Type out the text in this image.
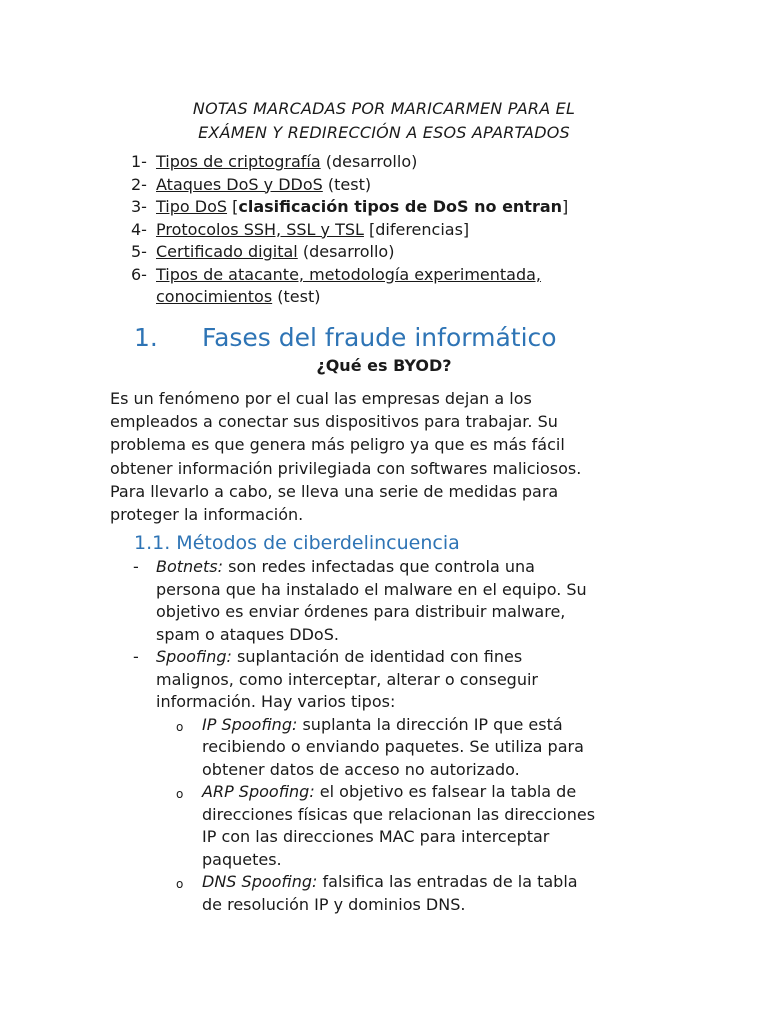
NOTAS MARCADAS POR MARICARMEN PARA EL
EXÁMEN Y REDIRECCIÓN A ESOS APARTADOS
1- Tipos de criptografía (desarrollo)
2- Ataques DoS y DDoS (test)
3- Tipo DoS [clasificación tipos de DoS no entran]
4- Protocolos SSH, SSL y TSL [diferencias]
5- Certificado digital (desarrollo)
6- Tipos de atacante, metodología experimentada,
conocimientos (test)
1.	Fases del fraude informático
¿Qué es BYOD?
Es un fenómeno por el cual las empresas dejan a los
empleados a conectar sus dispositivos para trabajar. Su
problema es que genera más peligro ya que es más fácil
obtener información privilegiada con softwares maliciosos.
Para llevarlo a cabo, se lleva una serie de medidas para
proteger la información.
1.1. Métodos de ciberdelincuencia
-	Botnets: son redes infectadas que controla una
persona que ha instalado el malware en el equipo. Su
objetivo es enviar órdenes para distribuir malware,
spam o ataques DDoS.
-	Spoofing: suplantación de identidad con fines
malignos, como interceptar, alterar o conseguir
información. Hay varios tipos:
o	IP Spoofing: suplanta la dirección IP que está
recibiendo o enviando paquetes. Se utiliza para
obtener datos de acceso no autorizado.
o	ARP Spoofing: el objetivo es falsear la tabla de
direcciones físicas que relacionan las direcciones
IP con las direcciones MAC para interceptar
paquetes.
o	DNS Spoofing: falsifica las entradas de la tabla
de resolución IP y dominios DNS.
